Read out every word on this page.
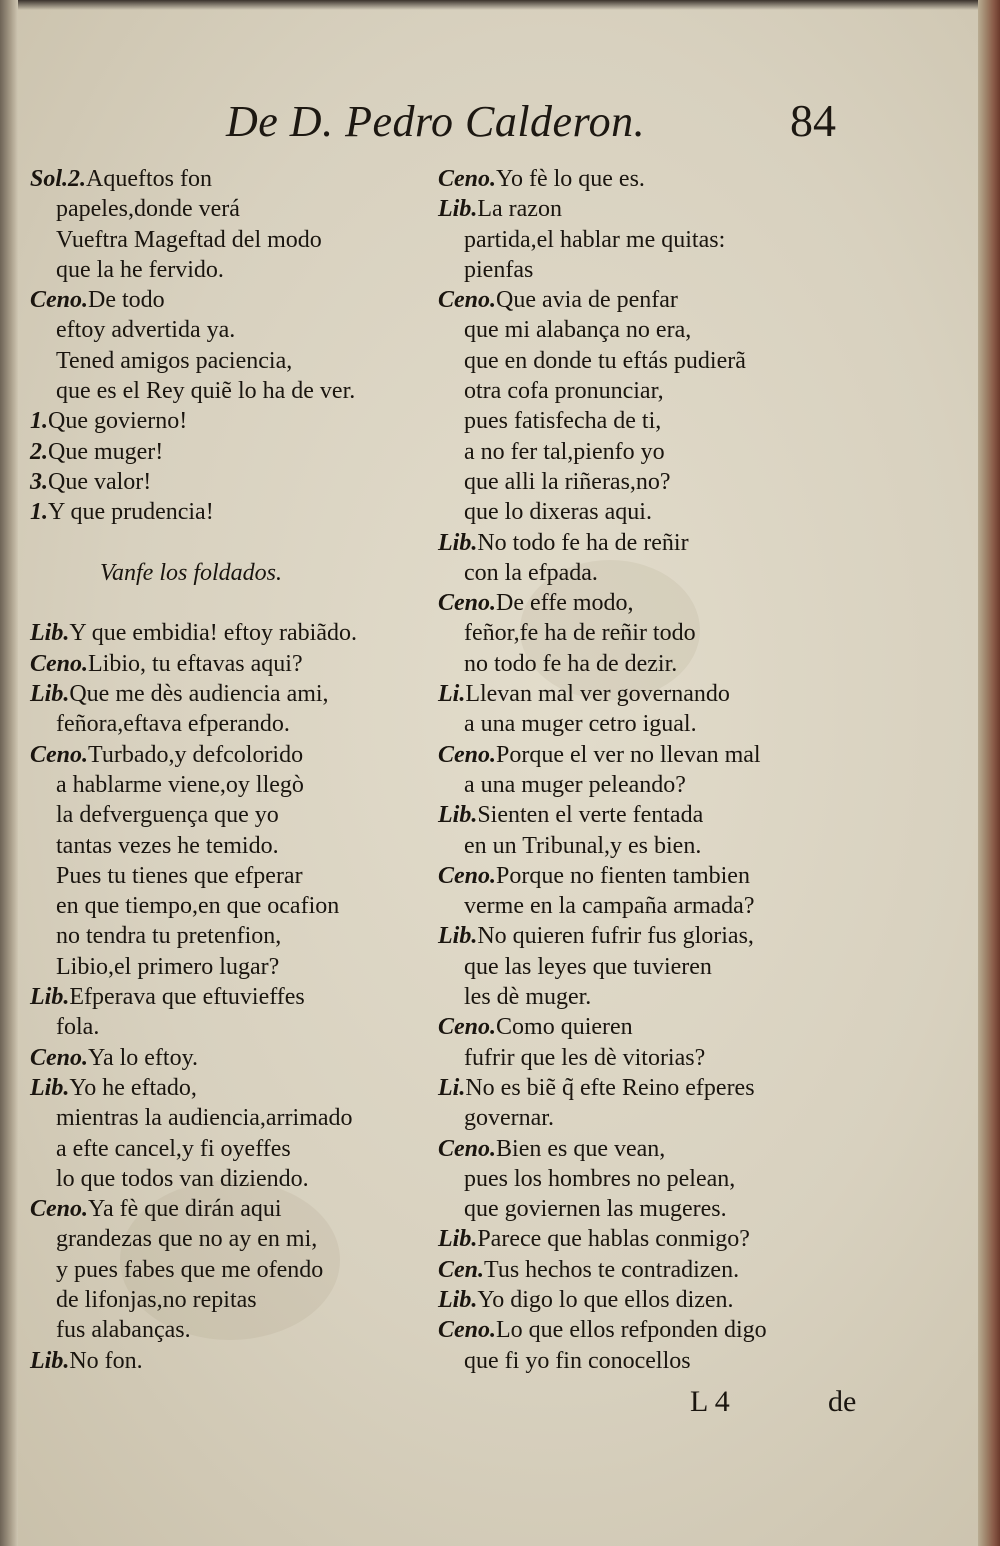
De D. Pedro Calderon.	84
Sol.2.Aqueftos fon
papeles,donde verá
Vueftra Mageftad del modo
que la he fervido.
Ceno.De todo
eftoy advertida ya.
Tened amigos paciencia,
que es el Rey quiẽ lo ha de ver.
1.Que govierno!
2.Que muger!
3.Que valor!
1.Y que prudencia!
Vanfe los foldados.
Lib.Y que embidia! eftoy rabiãdo.
Ceno.Libio, tu eftavas aqui?
Lib.Que me dès audiencia ami,
feñora,eftava efperando.
Ceno.Turbado,y defcolorido
a hablarme viene,oy llegò
la defverguença que yo
tantas vezes he temido.
Pues tu tienes que efperar
en que tiempo,en que ocafion
no tendra tu pretenfion,
Libio,el primero lugar?
Lib.Efperava que eftuvieffes
fola.
Ceno.Ya lo eftoy.
Lib.Yo he eftado,
mientras la audiencia,arrimado
a efte cancel,y fi oyeffes
lo que todos van diziendo.
Ceno.Ya fè que dirán aqui
grandezas que no ay en mi,
y pues fabes que me ofendo
de lifonjas,no repitas
fus alabanças.
Lib.No fon.
Ceno.Yo fè lo que es.
Lib.La razon
partida,el hablar me quitas:
pienfas
Ceno.Que avia de penfar
que mi alabança no era,
que en donde tu eftás pudierã
otra cofa pronunciar,
pues fatisfecha de ti,
a no fer tal,pienfo yo
que alli la riñeras,no?
que lo dixeras aqui.
Lib.No todo fe ha de reñir
con la efpada.
Ceno.De effe modo,
feñor,fe ha de reñir todo
no todo fe ha de dezir.
Li.Llevan mal ver governando
a una muger cetro igual.
Ceno.Porque el ver no llevan mal
a una muger peleando?
Lib.Sienten el verte fentada
en un Tribunal,y es bien.
Ceno.Porque no fienten tambien
verme en la campaña armada?
Lib.No quieren fufrir fus glorias,
que las leyes que tuvieren
les dè muger.
Ceno.Como quieren
fufrir que les dè vitorias?
Li.No es biẽ q̃ efte Reino efperes
governar.
Ceno.Bien es que vean,
pues los hombres no pelean,
que goviernen las mugeres.
Lib.Parece que hablas conmigo?
Cen.Tus hechos te contradizen.
Lib.Yo digo lo que ellos dizen.
Ceno.Lo que ellos refponden digo
que fi yo fin conocellos
L 4	de
